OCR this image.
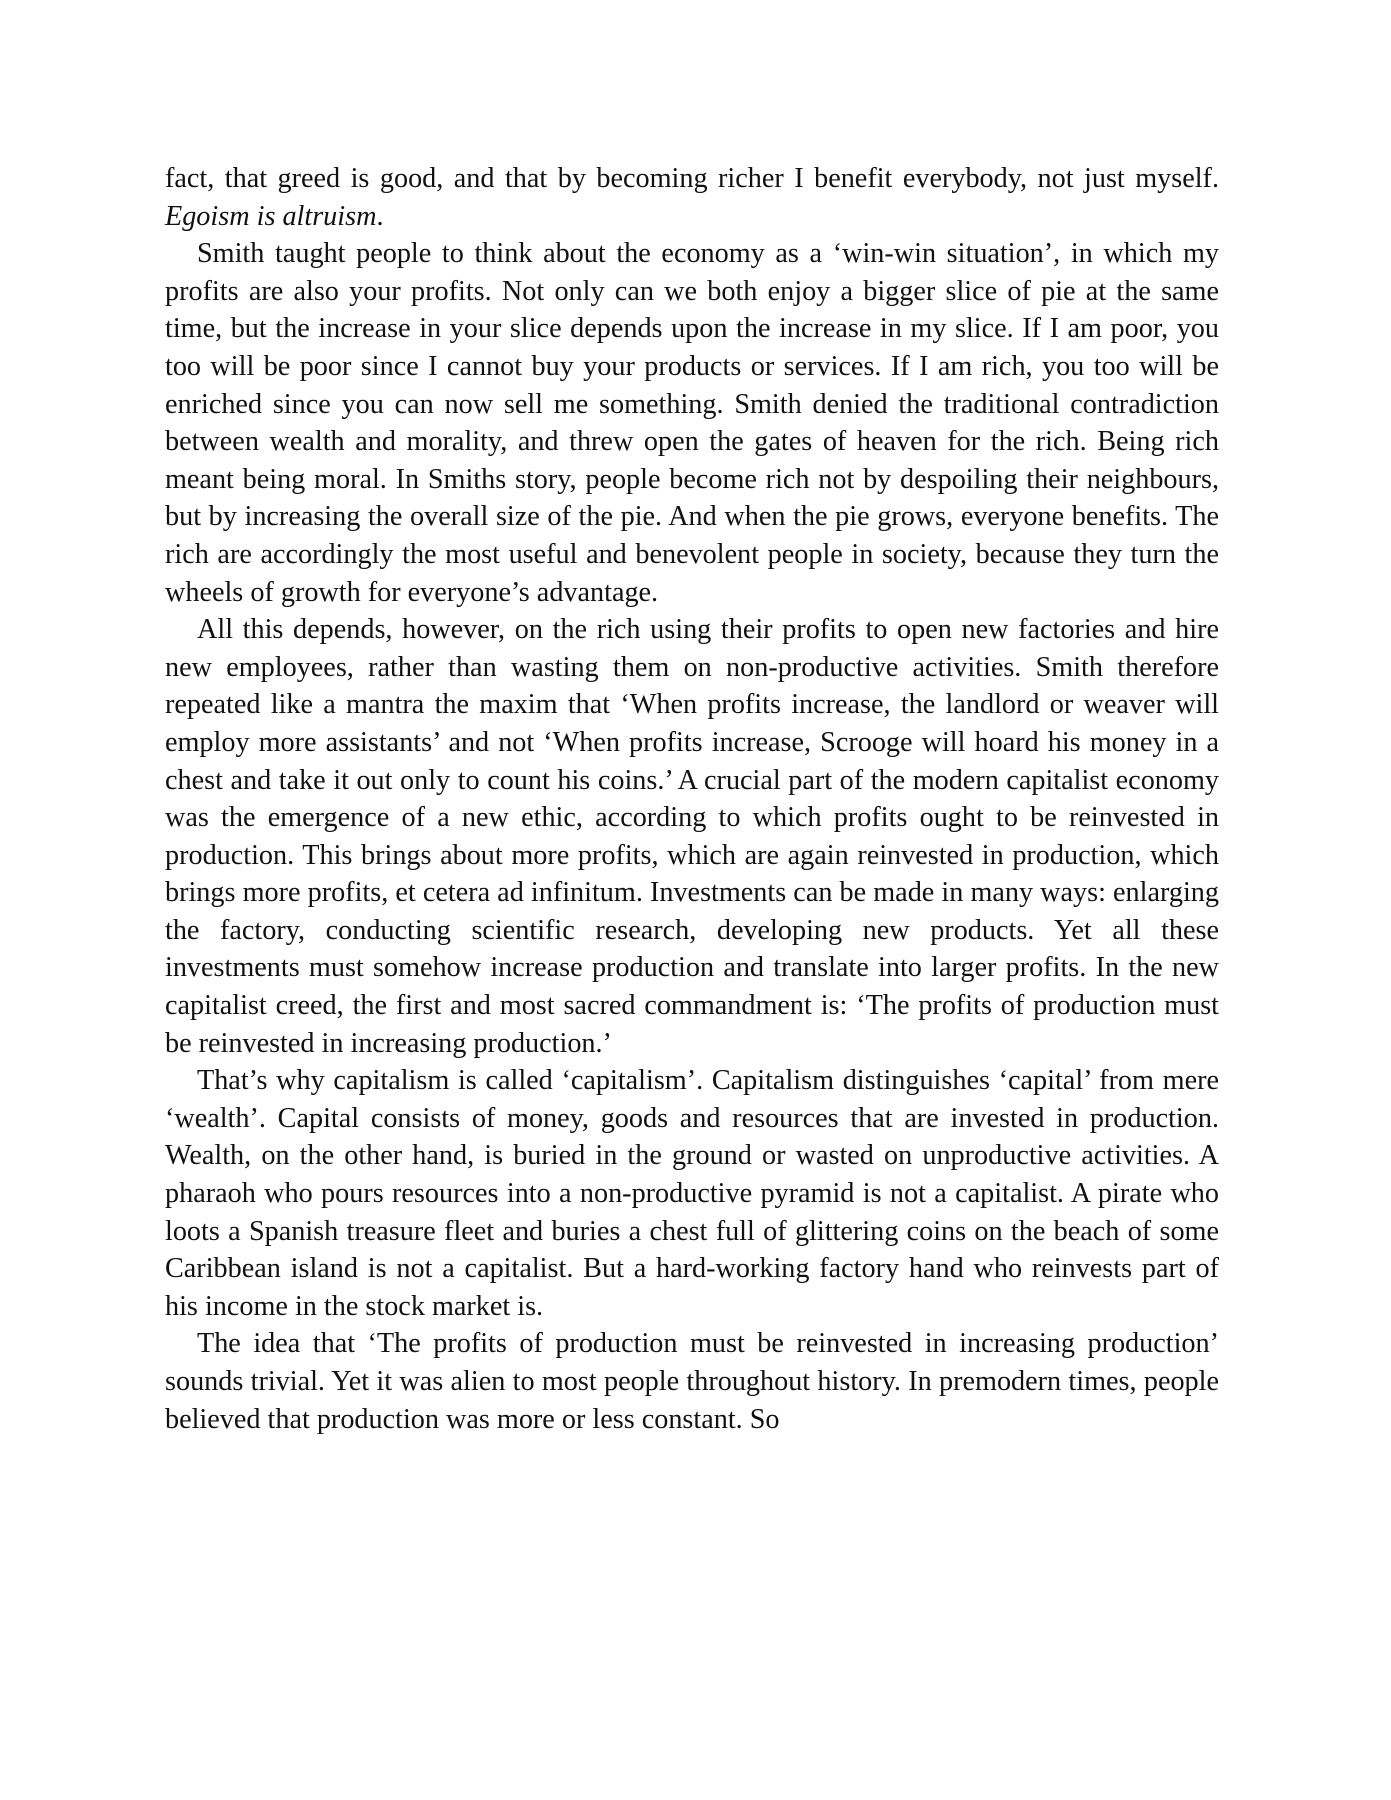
fact, that greed is good, and that by becoming richer I benefit everybody, not just myself. Egoism is altruism.

Smith taught people to think about the economy as a ‘win-win situation’, in which my profits are also your profits. Not only can we both enjoy a bigger slice of pie at the same time, but the increase in your slice depends upon the increase in my slice. If I am poor, you too will be poor since I cannot buy your products or services. If I am rich, you too will be enriched since you can now sell me something. Smith denied the traditional contradiction between wealth and morality, and threw open the gates of heaven for the rich. Being rich meant being moral. In Smiths story, people become rich not by despoiling their neighbours, but by increasing the overall size of the pie. And when the pie grows, everyone benefits. The rich are accordingly the most useful and benevolent people in society, because they turn the wheels of growth for everyone’s advantage.

All this depends, however, on the rich using their profits to open new factories and hire new employees, rather than wasting them on non-productive activities. Smith therefore repeated like a mantra the maxim that ‘When profits increase, the landlord or weaver will employ more assistants’ and not ‘When profits increase, Scrooge will hoard his money in a chest and take it out only to count his coins.’ A crucial part of the modern capitalist economy was the emergence of a new ethic, according to which profits ought to be reinvested in production. This brings about more profits, which are again reinvested in production, which brings more profits, et cetera ad infinitum. Investments can be made in many ways: enlarging the factory, conducting scientific research, developing new products. Yet all these investments must somehow increase production and translate into larger profits. In the new capitalist creed, the first and most sacred commandment is: ‘The profits of production must be reinvested in increasing production.’

That’s why capitalism is called ‘capitalism’. Capitalism distinguishes ‘capital’ from mere ‘wealth’. Capital consists of money, goods and resources that are invested in production. Wealth, on the other hand, is buried in the ground or wasted on unproductive activities. A pharaoh who pours resources into a non-productive pyramid is not a capitalist. A pirate who loots a Spanish treasure fleet and buries a chest full of glittering coins on the beach of some Caribbean island is not a capitalist. But a hard-working factory hand who reinvests part of his income in the stock market is.

The idea that ‘The profits of production must be reinvested in increasing production’ sounds trivial. Yet it was alien to most people throughout history. In premodern times, people believed that production was more or less constant. So
